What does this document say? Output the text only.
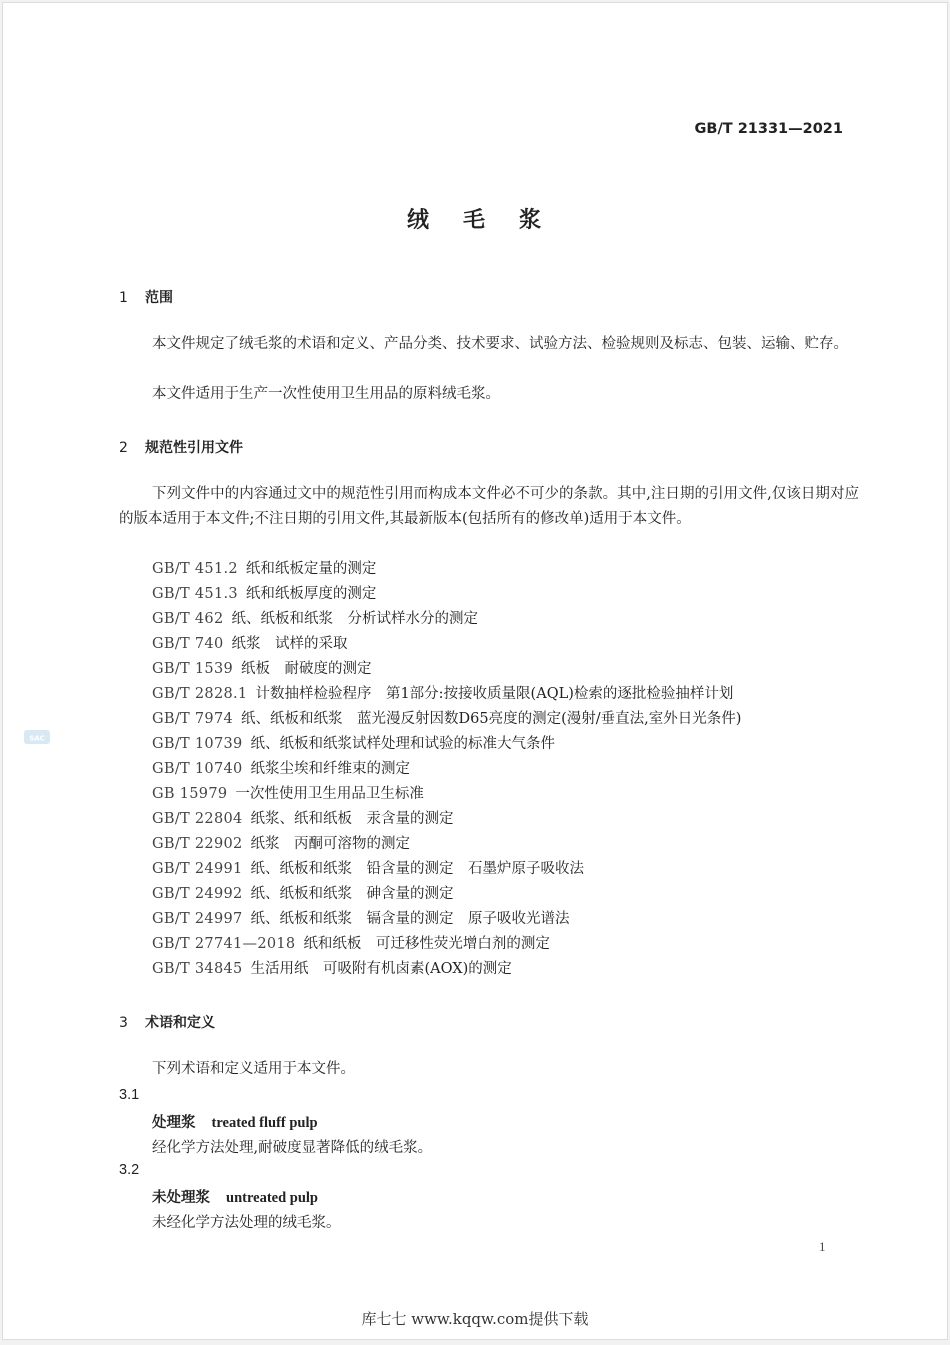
GB/T 21331—2021
绒毛浆
1 范围
本文件规定了绒毛浆的术语和定义、产品分类、技术要求、试验方法、检验规则及标志、包装、运输、贮存。
本文件适用于生产一次性使用卫生用品的原料绒毛浆。
2 规范性引用文件
下列文件中的内容通过文中的规范性引用而构成本文件必不可少的条款。其中,注日期的引用文件,仅该日期对应的版本适用于本文件;不注日期的引用文件,其最新版本(包括所有的修改单)适用于本文件。
GB/T 451.2 纸和纸板定量的测定
GB/T 451.3 纸和纸板厚度的测定
GB/T 462 纸、纸板和纸浆　分析试样水分的测定
GB/T 740 纸浆　试样的采取
GB/T 1539 纸板　耐破度的测定
GB/T 2828.1 计数抽样检验程序　第1部分:按接收质量限(AQL)检索的逐批检验抽样计划
GB/T 7974 纸、纸板和纸浆　蓝光漫反射因数D65亮度的测定(漫射/垂直法,室外日光条件)
GB/T 10739 纸、纸板和纸浆试样处理和试验的标准大气条件
GB/T 10740 纸浆尘埃和纤维束的测定
GB 15979 一次性使用卫生用品卫生标准
GB/T 22804 纸浆、纸和纸板　汞含量的测定
GB/T 22902 纸浆　丙酮可溶物的测定
GB/T 24991 纸、纸板和纸浆　铅含量的测定　石墨炉原子吸收法
GB/T 24992 纸、纸板和纸浆　砷含量的测定
GB/T 24997 纸、纸板和纸浆　镉含量的测定　原子吸收光谱法
GB/T 27741—2018 纸和纸板　可迁移性荧光增白剂的测定
GB/T 34845 生活用纸　可吸附有机卤素(AOX)的测定
3 术语和定义
下列术语和定义适用于本文件。
3.1
处理浆 treated fluff pulp
经化学方法处理,耐破度显著降低的绒毛浆。
3.2
未处理浆 untreated pulp
未经化学方法处理的绒毛浆。
1
SAC
库七七 www.kqqw.com提供下载
